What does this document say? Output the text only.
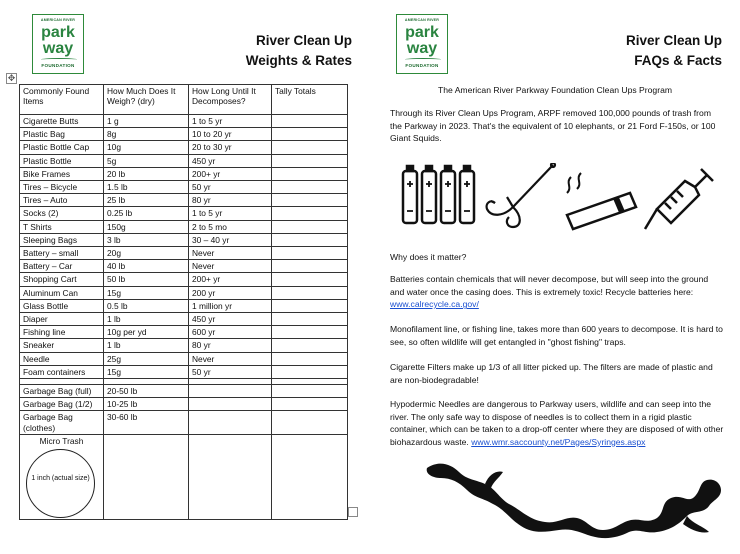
AMERICAN RIVER
park
way
FOUNDATION
River Clean Up
Weights & Rates
✥
Commonly Found Items	How Much Does It Weigh? (dry)	How Long Until It Decomposes?	Tally Totals
Cigarette Butts	1 g	1 to 5 yr	
Plastic Bag	8g	10 to 20 yr	
Plastic Bottle Cap	10g	20 to 30 yr	
Plastic Bottle	5g	450 yr	
Bike Frames	20 lb	200+ yr	
Tires – Bicycle	1.5 lb	50 yr	
Tires – Auto	25 lb	80 yr	
Socks (2)	0.25 lb	1 to 5 yr	
T Shirts	150g	2 to 5 mo	
Sleeping Bags	3 lb	30 – 40 yr	
Battery – small	20g	Never	
Battery – Car	40 lb	Never	
Shopping Cart	50 lb	200+ yr	
Aluminum Can	15g	200 yr	
Glass Bottle	0.5 lb	1 million yr	
Diaper	1 lb	450 yr	
Fishing line	10g per yd	600 yr	
Sneaker	1 lb	80 yr	
Needle	25g	Never	
Foam containers	15g	50 yr	

Garbage Bag (full)	20-50 lb		
Garbage Bag (1/2)	10-25 lb		
Garbage Bag (clothes)	30-60 lb		

Micro Trash
1 inch (actual size)			

AMERICAN RIVER
park
way
FOUNDATION
River Clean Up
FAQs & Facts
The American River Parkway Foundation Clean Ups Program
Through its River Clean Ups Program, ARPF removed 100,000 pounds of trash from the Parkway in 2023. That's the equivalent of 10 elephants, or 21 Ford F-150s, or 100 Giant Squids.
Why does it matter?
Batteries contain chemicals that will never decompose, but will seep into the ground and water once the casing does. This is extremely toxic! Recycle batteries here: www.calrecycle.ca.gov/
Monofilament line, or fishing line, takes more than 600 years to decompose. It is hard to see, so often wildlife will get entangled in "ghost fishing" traps.
Cigarette Filters make up 1/3 of all litter picked up. The filters are made of plastic and are non-biodegradable!
Hypodermic Needles are dangerous to Parkway users, wildlife and can seep into the river. The only safe way to dispose of needles is to collect them in a rigid plastic container, which can be taken to a drop-off center where they are disposed of with other biohazardous waste. www.wmr.saccounty.net/Pages/Syringes.aspx
